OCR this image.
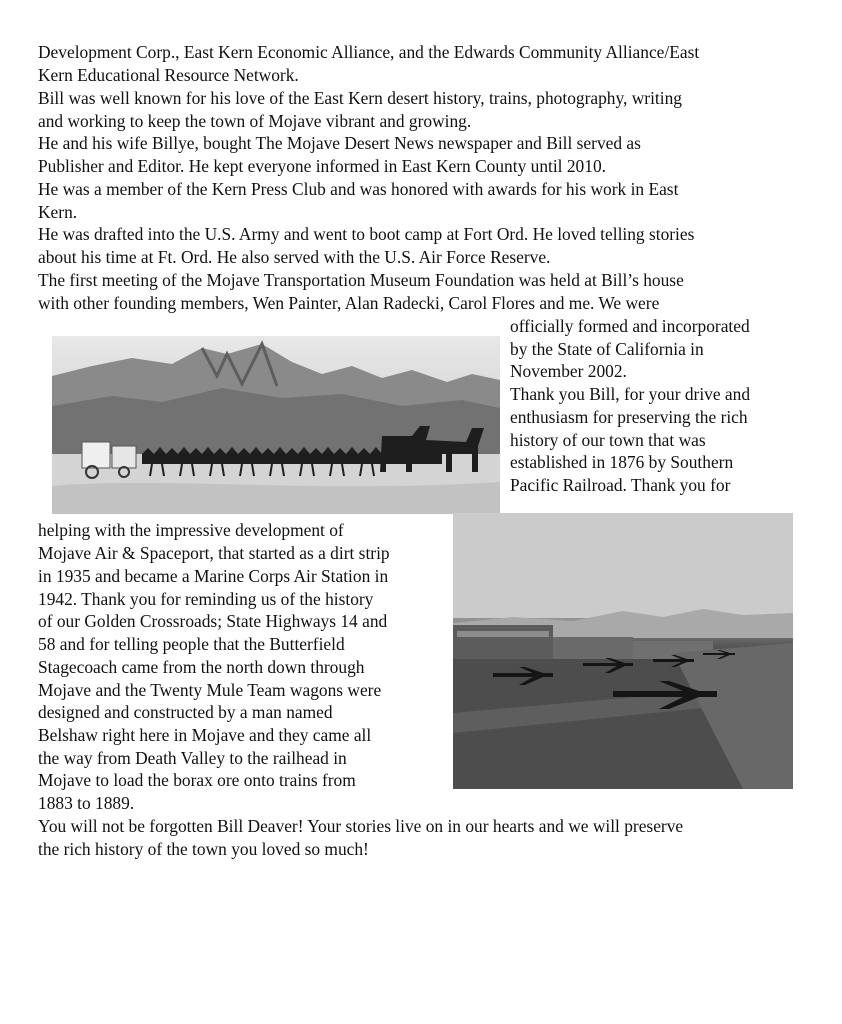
Development Corp., East Kern Economic Alliance, and the Edwards Community Alliance/East
Kern Educational Resource Network.
Bill was well known for his love of the East Kern desert history, trains, photography, writing
and working to keep the town of Mojave vibrant and growing.
He and his wife Billye, bought The Mojave Desert News newspaper and Bill served as
Publisher and Editor. He kept everyone informed in East Kern County until 2010.
He was a member of the Kern Press Club and was honored with awards for his work in East
Kern.
He was drafted into the U.S. Army and went to boot camp at Fort Ord. He loved telling stories
about his time at Ft. Ord. He also served with the U.S. Air Force Reserve.
The first meeting of the Mojave Transportation Museum Foundation was held at Bill’s house
with other founding members, Wen Painter, Alan Radecki, Carol Flores and me. We were
officially formed and incorporated
by the State of California in
November 2002.
Thank you Bill, for your drive and
enthusiasm for preserving the rich
history of our town that was
established in 1876 by Southern
Pacific Railroad. Thank you for
helping with the impressive development of
Mojave Air & Spaceport, that started as a dirt strip
in 1935 and became a Marine Corps Air Station in
1942. Thank you for reminding us of the history
of our Golden Crossroads; State Highways 14 and
58 and for telling people that the Butterfield
Stagecoach came from the north down through
Mojave and the Twenty Mule Team wagons were
designed and constructed by a man named
Belshaw right here in Mojave and they came all
the way from Death Valley to the railhead in
Mojave to load the borax ore onto trains from
1883 to 1889.
You will not be forgotten Bill Deaver! Your stories live on in our hearts and we will preserve
the rich history of the town you loved so much!
